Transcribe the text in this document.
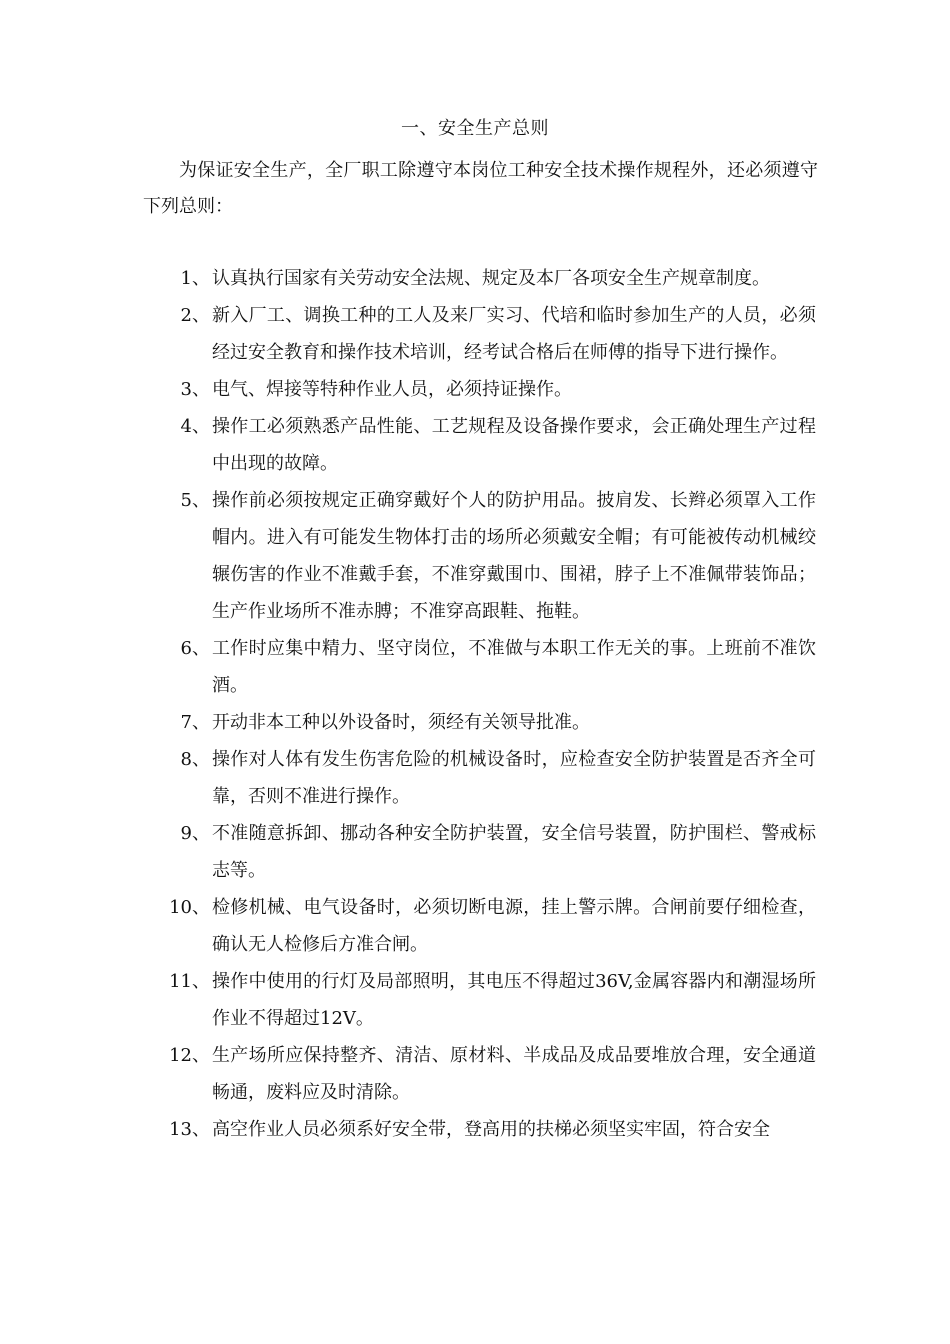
一、安全生产总则
为保证安全生产，全厂职工除遵守本岗位工种安全技术操作规程外，还必须遵守下列总则：
1、 认真执行国家有关劳动安全法规、规定及本厂各项安全生产规章制度。
2、 新入厂工、调换工种的工人及来厂实习、代培和临时参加生产的人员，必须经过安全教育和操作技术培训，经考试合格后在师傅的指导下进行操作。
3、 电气、焊接等特种作业人员，必须持证操作。
4、 操作工必须熟悉产品性能、工艺规程及设备操作要求，会正确处理生产过程中出现的故障。
5、 操作前必须按规定正确穿戴好个人的防护用品。披肩发、长辫必须罩入工作帽内。进入有可能发生物体打击的场所必须戴安全帽；有可能被传动机械绞辗伤害的作业不准戴手套，不准穿戴围巾、围裙，脖子上不准佩带装饰品；生产作业场所不准赤膊；不准穿高跟鞋、拖鞋。
6、 工作时应集中精力、坚守岗位，不准做与本职工作无关的事。上班前不准饮酒。
7、 开动非本工种以外设备时，须经有关领导批准。
8、 操作对人体有发生伤害危险的机械设备时，应检查安全防护装置是否齐全可靠，否则不准进行操作。
9、 不准随意拆卸、挪动各种安全防护装置，安全信号装置，防护围栏、警戒标志等。
10、 检修机械、电气设备时，必须切断电源，挂上警示牌。合闸前要仔细检查，确认无人检修后方准合闸。
11、 操作中使用的行灯及局部照明，其电压不得超过36V,金属容器内和潮湿场所作业不得超过12V。
12、 生产场所应保持整齐、清洁、原材料、半成品及成品要堆放合理，安全通道畅通，废料应及时清除。
13、 高空作业人员必须系好安全带，登高用的扶梯必须坚实牢固，符合安全
